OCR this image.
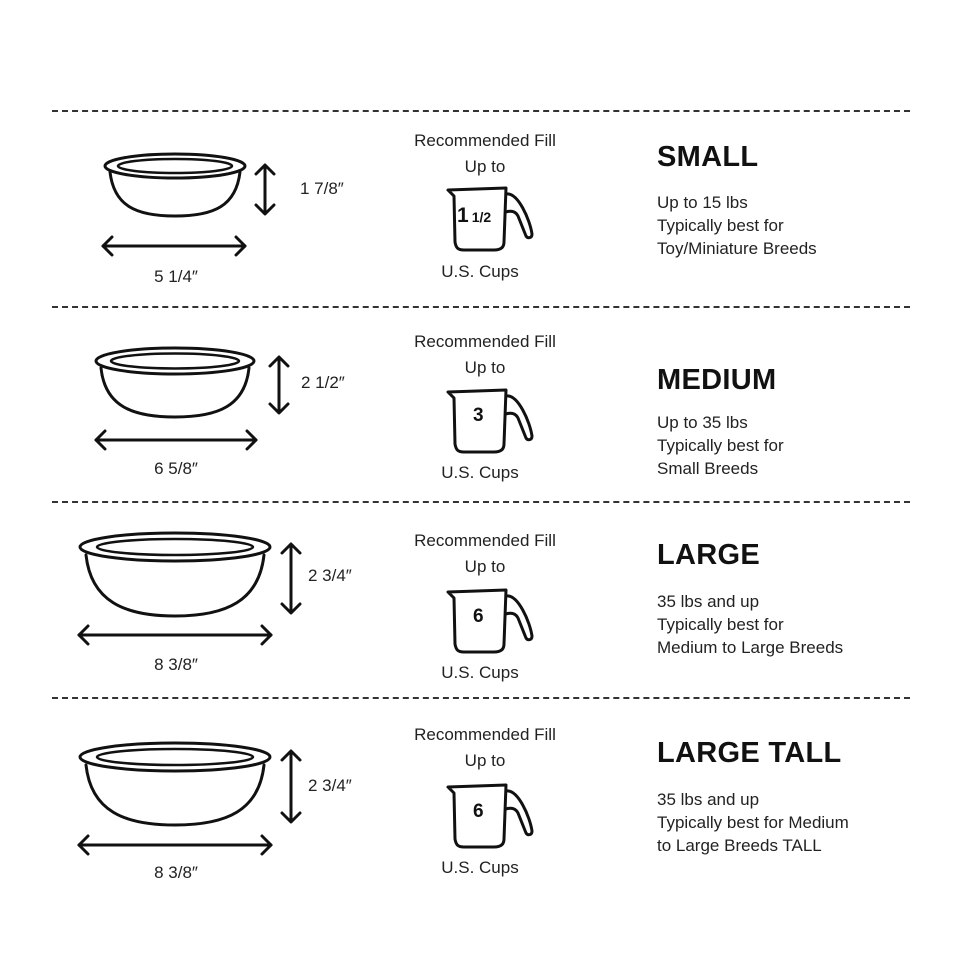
1 7/8″
5 1/4″
Recommended Fill
Up to
1 1/2
U.S. Cups
SMALL
Up to 15 lbs
Typically best for
Toy/Miniature Breeds
2 1/2″
6 5/8″
Recommended Fill
Up to
3
U.S. Cups
MEDIUM
Up to 35 lbs
Typically best for
Small Breeds
2 3/4″
8 3/8″
Recommended Fill
Up to
6
U.S. Cups
LARGE
35 lbs and up
Typically best for
Medium to Large Breeds
2 3/4″
8 3/8″
Recommended Fill
Up to
6
U.S. Cups
LARGE TALL
35 lbs and up
Typically best for Medium
to Large Breeds TALL
